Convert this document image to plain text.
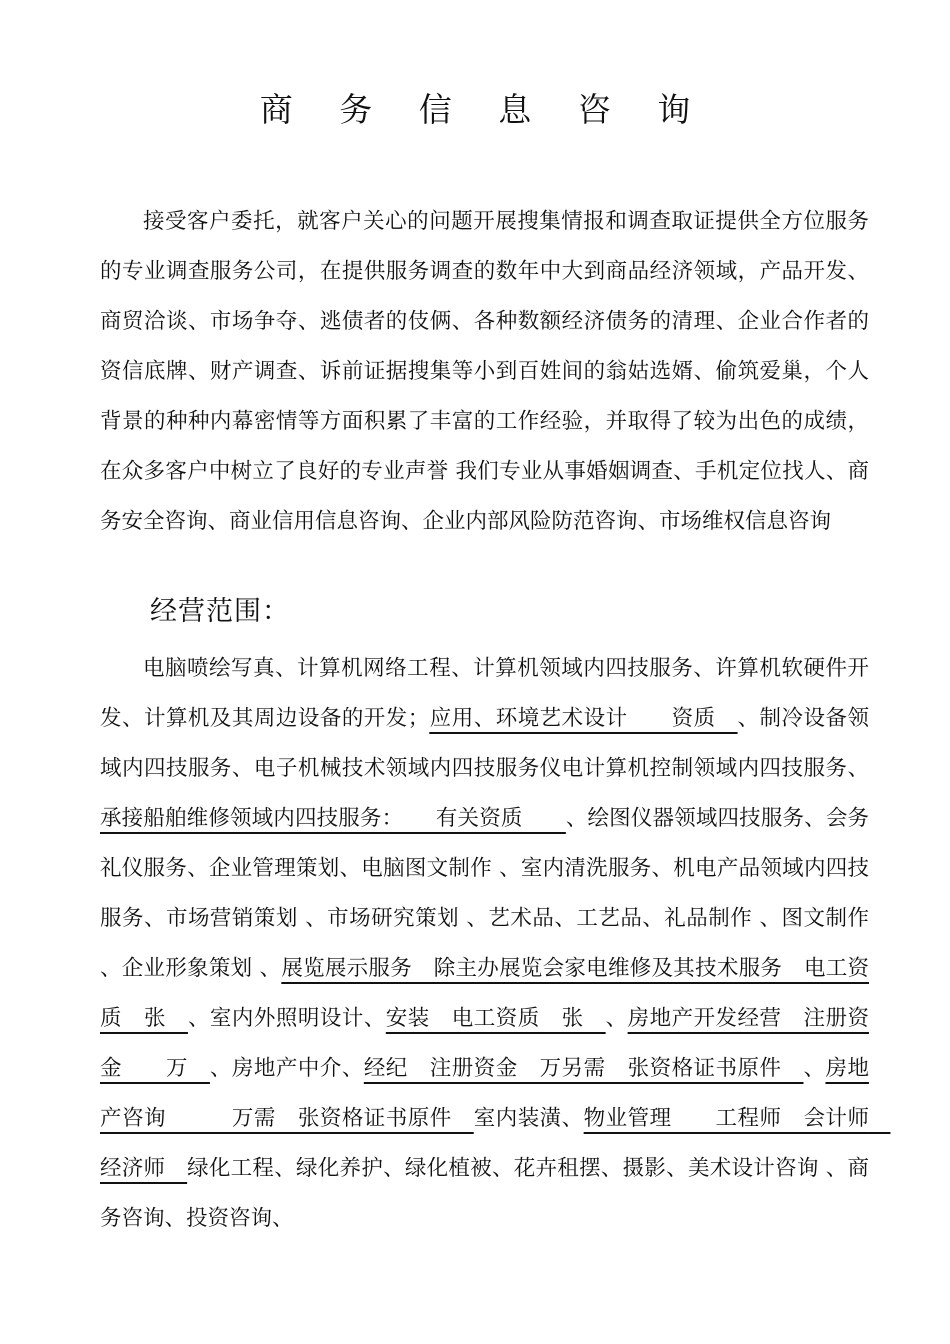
商 务 信 息 咨 询

接受客户委托，就客户关心的问题开展搜集情报和调查取证提供全方位服务的专业调查服务公司，在提供服务调查的数年中大到商品经济领域，产品开发、商贸洽谈、市场争夺、逃债者的伎俩、各种数额经济债务的清理、企业合作者的资信底牌、财产调查、诉前证据搜集等小到百姓间的翁姑选婿、偷筑爱巢，个人背景的种种内幕密情等方面积累了丰富的工作经验，并取得了较为出色的成绩，在众多客户中树立了良好的专业声誉 我们专业从事婚姻调查、手机定位找人、商务安全咨询、商业信用信息咨询、企业内部风险防范咨询、市场维权信息咨询

经营范围：

电脑喷绘写真、计算机网络工程、计算机领域内四技服务、许算机软硬件开发、计算机及其周边设备的开发；应用、环境艺术设计　　资质　、制冷设备领域内四技服务、电子机械技术领域内四技服务仪电计算机控制领域内四技服务、承接船舶维修领域内四技服务：　　有关资质　　、绘图仪器领域四技服务、会务礼仪服务、企业管理策划、电脑图文制作 、室内清洗服务、机电产品领域内四技服务、市场营销策划 、市场研究策划 、艺术品、工艺品、礼品制作 、图文制作 、企业形象策划 、展览展示服务　除主办展览会家电维修及其技术服务　电工资质　张　、室内外照明设计、安装　电工资质　张　、房地产开发经营　注册资金　　万　、房地产中介、经纪　注册资金　万另需　张资格证书原件　、房地产咨询　　　万需　张资格证书原件　室内装潢、物业管理　　工程师　会计师　经济师　绿化工程、绿化养护、绿化植被、花卉租摆、摄影、美术设计咨询 、商务咨询、投资咨询、
